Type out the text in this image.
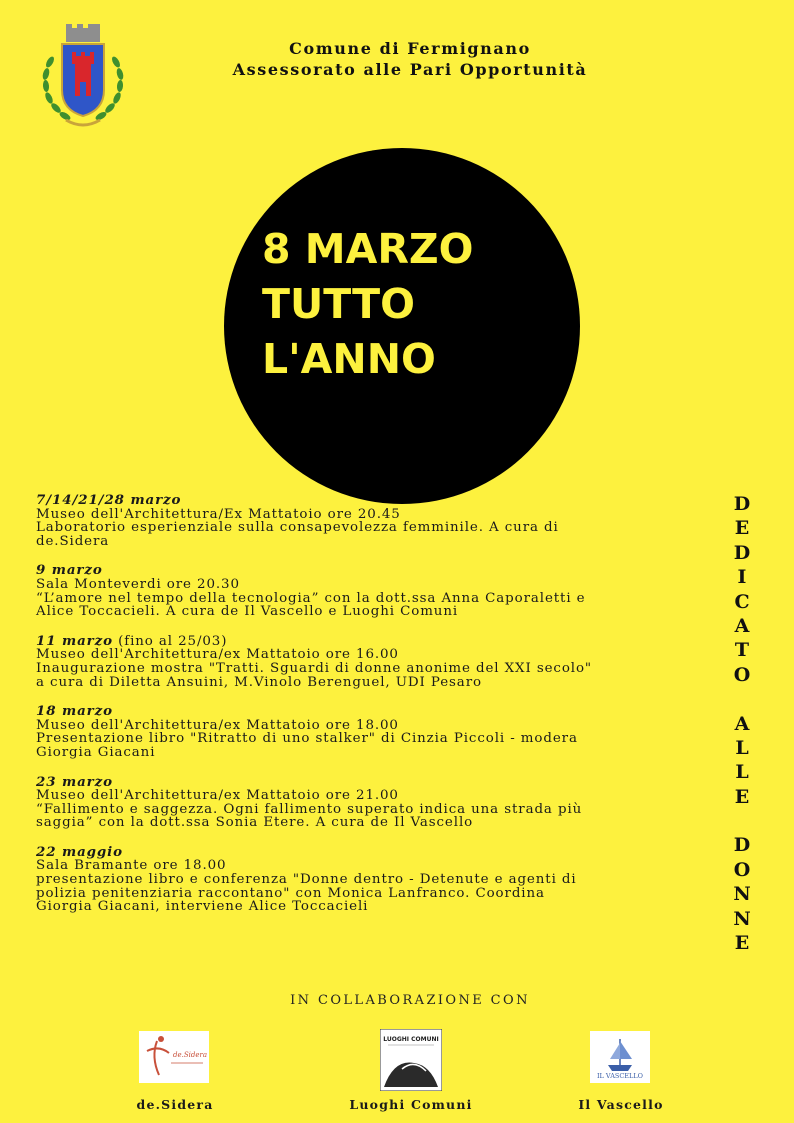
Comune di Fermignano
Assessorato alle Pari Opportunità
8 MARZO
TUTTO
L'ANNO
7/14/21/28 marzo
Museo dell'Architettura/Ex Mattatoio ore 20.45
Laboratorio esperienziale sulla consapevolezza femminile. A cura di
de.Sidera
9 marzo
Sala Monteverdi ore 20.30
“L’amore nel tempo della tecnologia” con la dott.ssa Anna Caporaletti e
Alice Toccacieli. A cura de Il Vascello e Luoghi Comuni
11 marzo (fino al 25/03)
Museo dell'Architettura/ex Mattatoio ore 16.00
Inaugurazione mostra "Tratti. Sguardi di donne anonime del XXI secolo"
a cura di Diletta Ansuini, M.Vinolo Berenguel, UDI Pesaro
18 marzo
Museo dell'Architettura/ex Mattatoio ore 18.00
Presentazione libro "Ritratto di uno stalker" di Cinzia Piccoli - modera
Giorgia Giacani
23 marzo
Museo dell'Architettura/ex Mattatoio ore 21.00
“Fallimento e saggezza. Ogni fallimento superato indica una strada più
saggia” con la dott.ssa Sonia Etere. A cura de Il Vascello
22 maggio
Sala Bramante ore 18.00
presentazione libro e conferenza "Donne dentro - Detenute e agenti di
polizia penitenziaria raccontano" con Monica Lanfranco. Coordina
Giorgia Giacani, interviene Alice Toccacieli
D
E
D
I
C
A
T
O

A
L
L
E

D
O
N
N
E
IN COLLABORAZIONE CON
de.Sidera
LUOGHI COMUNI
IL VASCELLO
de.Sidera	Luoghi Comuni	Il Vascello
